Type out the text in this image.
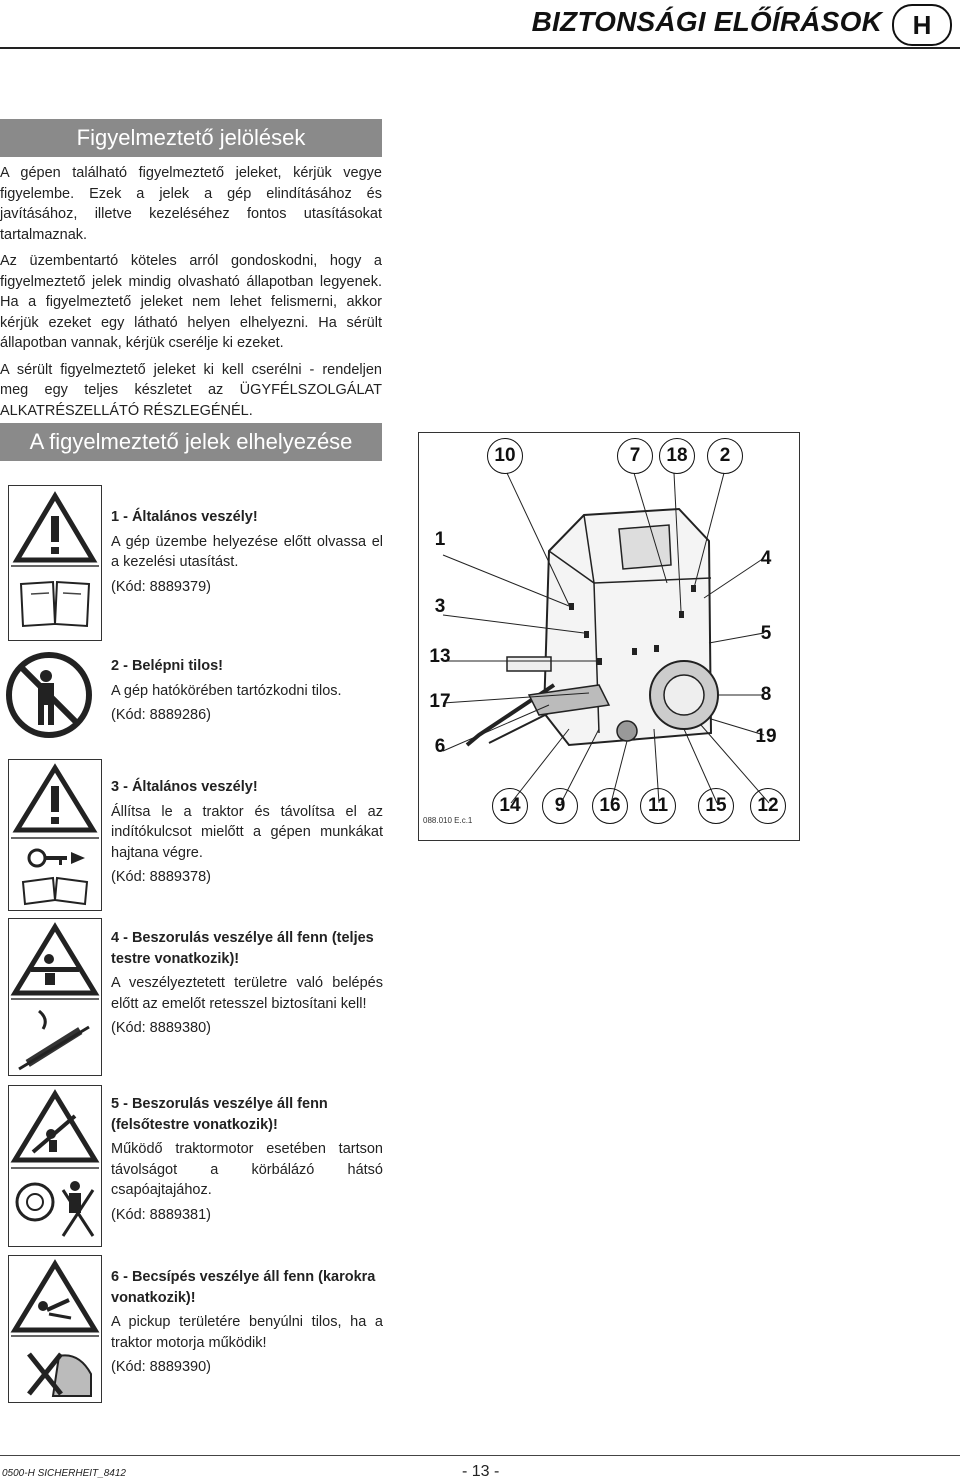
BIZTONSÁGI ELŐÍRÁSOK	H
Figyelmeztető jelölések

A gépen található figyelmeztető jeleket, kérjük vegye figyelembe. Ezek a jelek a gép elindításához és javításához, illetve kezeléséhez fontos utasításokat tartalmaznak.

Az üzembentartó köteles arról gondoskodni, hogy a figyelmeztető jelek mindig olvasható állapotban legyenek. Ha a figyelmeztető jeleket nem lehet felismerni, akkor kérjük ezeket egy látható helyen elhelyezni. Ha sérült állapotban vannak, kérjük cserélje ki ezeket.

A sérült figyelmeztető jeleket ki kell cserélni - rendeljen meg egy teljes készletet az ÜGYFÉLSZOLGÁLAT ALKATRÉSZELLÁTÓ RÉSZLEGÉNÉL.

A figyelmeztető jelek elhelyezése
1 - Általános veszély!
A gép üzembe helyezése előtt olvassa el a kezelési utasítást.
(Kód: 8889379)
2 - Belépni tilos!
A gép hatókörében tartózkodni tilos.
(Kód: 8889286)
3 - Általános veszély!
Állítsa le a traktor és távolítsa el az indítókulcsot mielőtt a gépen munkákat hajtana végre.
(Kód: 8889378)
4 - Beszorulás veszélye áll fenn (teljes testre vonatkozik)!
A veszélyeztetett területre való belépés előtt az emelőt retesszel biztosítani kell!
(Kód: 8889380)
5 - Beszorulás veszélye áll fenn (felsőtestre vonatkozik)!
Működő traktormotor esetében tartson távolságot a körbálázó hátsó csapóajtajához.
(Kód: 8889381)
6 - Becsípés veszélye áll fenn (karokra vonatkozik)!
A pickup területére benyúlni tilos, ha a traktor motorja működik!
(Kód: 8889390)
10	7	18	2
1
3
13
17
6
4
5
8
19
14	9	16	11	15	12
088.010 E.c.1
0500-H SICHERHEIT_8412	- 13 -
